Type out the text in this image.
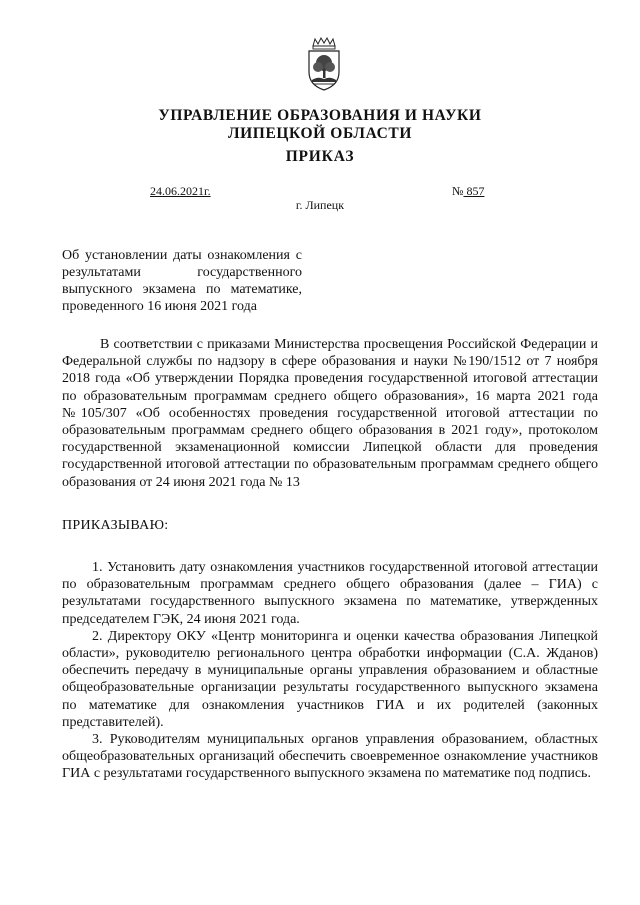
УПРАВЛЕНИЕ ОБРАЗОВАНИЯ И НАУКИ
ЛИПЕЦКОЙ ОБЛАСТИ
ПРИКАЗ
24.06.2021г.	№ 857
г. Липецк
Об установлении даты ознакомления с результатами государственного выпускного экзамена по математике, проведенного 16 июня 2021 года

В соответствии с приказами Министерства просвещения Российской Федерации и Федеральной службы по надзору в сфере образования и науки №190/1512 от 7 ноября 2018 года «Об утверждении Порядка проведения государственной итоговой аттестации по образовательным программам среднего общего образования», 16 марта 2021 года №105/307 «Об особенностях проведения государственной итоговой аттестации по образовательным программам среднего общего образования в 2021 году», протоколом государственной экзаменационной комиссии Липецкой области для проведения государственной итоговой аттестации по образовательным программам среднего общего образования от 24 июня 2021 года № 13

ПРИКАЗЫВАЮ:

1. Установить дату ознакомления участников государственной итоговой аттестации по образовательным программам среднего общего образования (далее – ГИА) с результатами государственного выпускного экзамена по математике, утвержденных председателем ГЭК, 24 июня 2021 года.

2. Директору ОКУ «Центр мониторинга и оценки качества образования Липецкой области», руководителю регионального центра обработки информации (С.А. Жданов) обеспечить передачу в муниципальные органы управления образованием и областные общеобразовательные организации результаты государственного выпускного экзамена по математике для ознакомления участников ГИА и их родителей (законных представителей).

3. Руководителям муниципальных органов управления образованием, областных общеобразовательных организаций обеспечить своевременное ознакомление участников ГИА с результатами государственного выпускного экзамена по математике под подпись.
